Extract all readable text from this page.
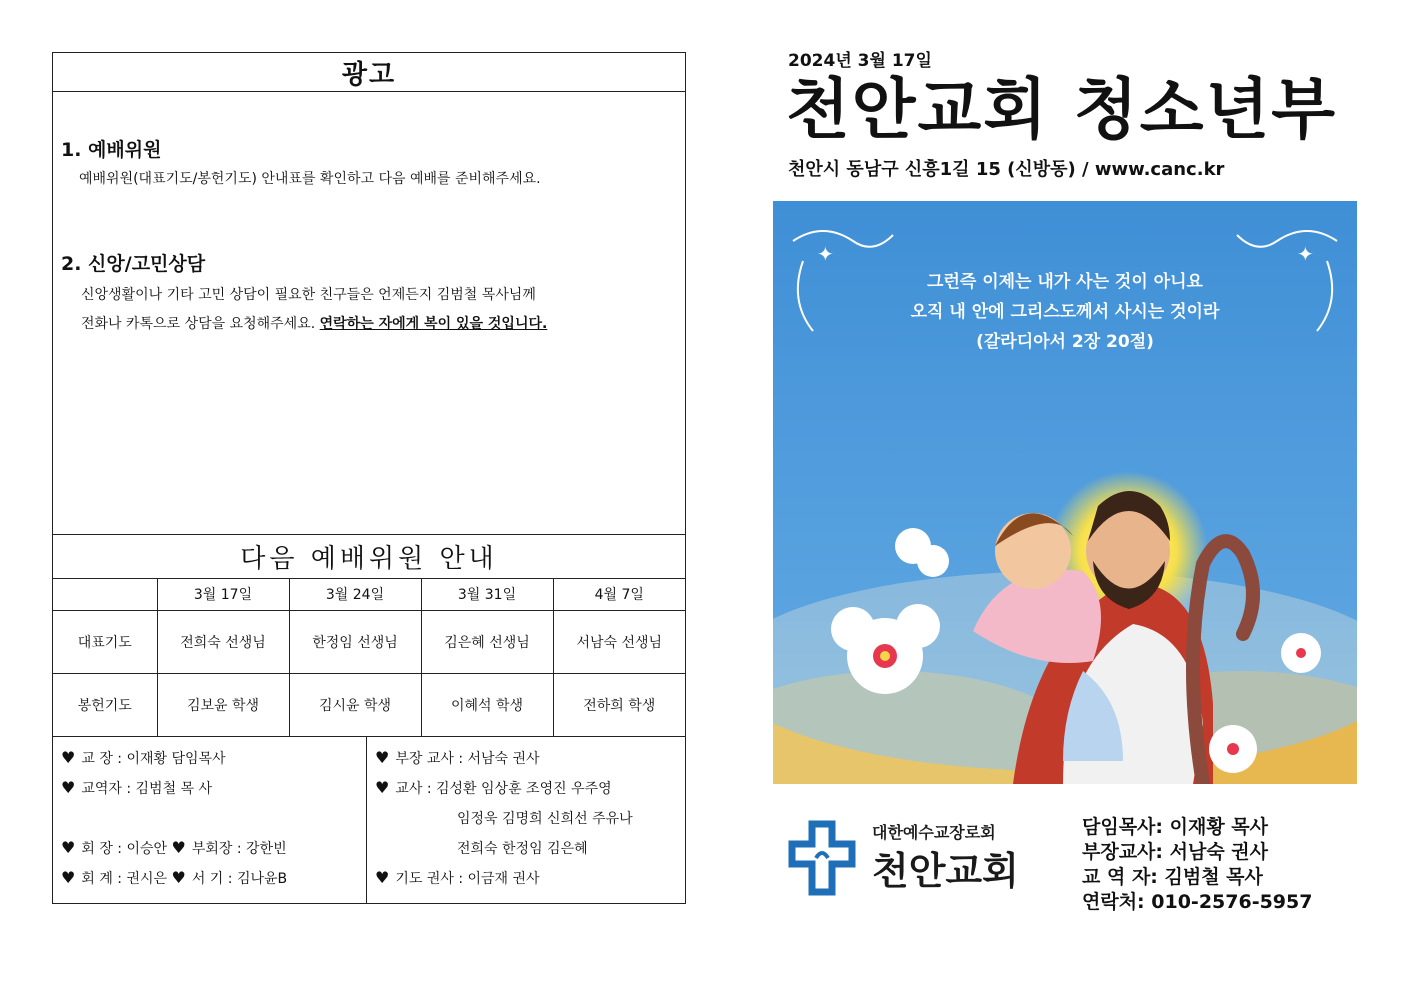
광고
1. 예배위원
예배위원(대표기도/봉헌기도) 안내표를 확인하고 다음 예배를 준비해주세요.
2. 신앙/고민상담
신앙생활이나 기타 고민 상담이 필요한 친구들은 언제든지 김범철 목사님께
전화나 카톡으로 상담을 요청해주세요. 연락하는 자에게 복이 있을 것입니다.
다음 예배위원 안내
	3월 17일	3월 24일	3월 31일	4월 7일
대표기도	전희숙 선생님	한정임 선생님	김은혜 선생님	서남숙 선생님
봉헌기도	김보윤 학생	김시윤 학생	이혜석 학생	전하희 학생
♥ 교 장 : 이재황 담임목사
♥ 교역자 : 김범철 목 사
♥ 회 장 : 이승안 ♥ 부회장 : 강한빈
♥ 회 계 : 권시은 ♥ 서 기 : 김나윤B
♥ 부장 교사 : 서남숙 권사
♥ 교사 : 김성환 임상훈 조영진 우주영
임정욱 김명희 신희선 주유나
전희숙 한정임 김은혜
♥ 기도 권사 : 이금재 권사
2024년 3월 17일
천안교회 청소년부
천안시 동남구 신흥1길 15 (신방동) / www.canc.kr
✦	✦
그런즉 이제는 내가 사는 것이 아니요
오직 내 안에 그리스도께서 사시는 것이라
(갈라디아서 2장 20절)
대한예수교장로회
천안교회
담임목사: 이재황 목사
부장교사: 서남숙 권사
교 역 자: 김범철 목사
연락처: 010-2576-5957
